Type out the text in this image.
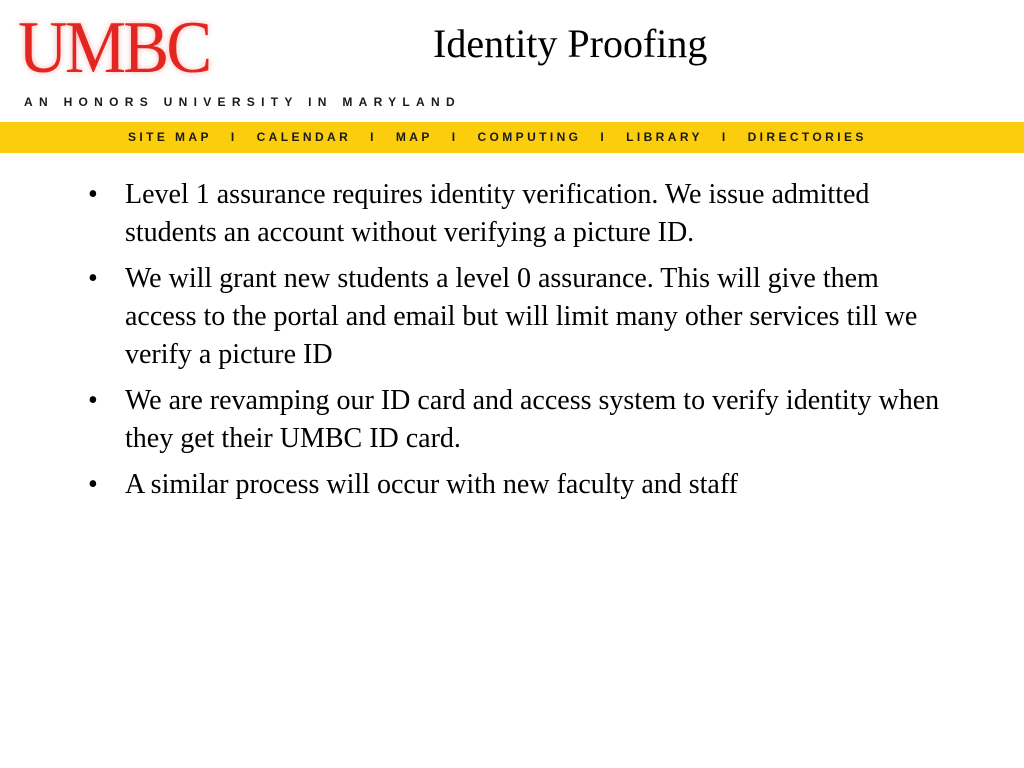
UMBC
AN HONORS UNIVERSITY IN MARYLAND
SITE MAP I CALENDAR I MAP I COMPUTING I LIBRARY I DIRECTORIES
Identity Proofing
• Level 1 assurance requires identity verification. We issue admitted students an account without verifying a picture ID.
• We will grant new students a level 0 assurance. This will give them access to the portal and email but will limit many other services till we verify a picture ID
• We are revamping our ID card and access system to verify identity when they get their UMBC ID card.
• A similar process will occur with new faculty and staff
